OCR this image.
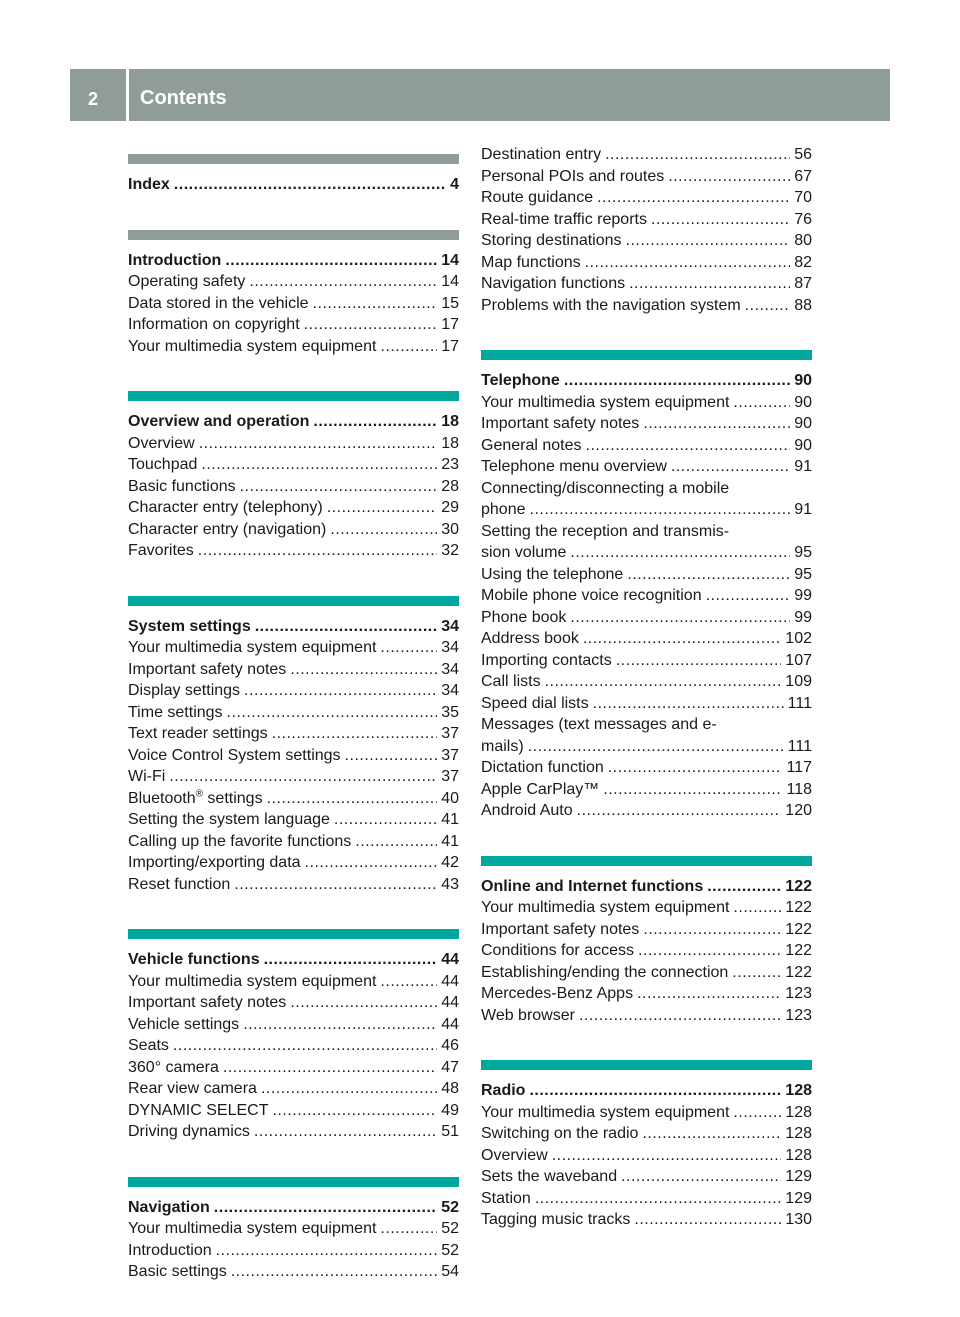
2 Contents
Index .....	4
Introduction .....	14
Operating safety .....	14
Data stored in the vehicle .....	15
Information on copyright .....	17
Your multimedia system equipment .....	17
Overview and operation .....	18
Overview .....	18
Touchpad .....	23
Basic functions .....	28
Character entry (telephony) .....	29
Character entry (navigation) .....	30
Favorites .....	32
System settings .....	34
Your multimedia system equipment .....	34
Important safety notes .....	34
Display settings .....	34
Time settings .....	35
Text reader settings .....	37
Voice Control System settings .....	37
Wi-Fi .....	37
Bluetooth® settings .....	40
Setting the system language .....	41
Calling up the favorite functions .....	41
Importing/exporting data .....	42
Reset function .....	43
Vehicle functions .....	44
Your multimedia system equipment .....	44
Important safety notes .....	44
Vehicle settings .....	44
Seats .....	46
360° camera .....	47
Rear view camera .....	48
DYNAMIC SELECT .....	49
Driving dynamics .....	51
Navigation .....	52
Your multimedia system equipment .....	52
Introduction .....	52
Basic settings .....	54
Destination entry .....	56
Personal POIs and routes .....	67
Route guidance .....	70
Real-time traffic reports .....	76
Storing destinations .....	80
Map functions .....	82
Navigation functions .....	87
Problems with the navigation system .....	88
Telephone .....	90
Your multimedia system equipment .....	90
Important safety notes .....	90
General notes .....	90
Telephone menu overview .....	91
Connecting/disconnecting a mobile
phone .....	91
Setting the reception and transmis-
sion volume .....	95
Using the telephone .....	95
Mobile phone voice recognition .....	99
Phone book .....	99
Address book .....	102
Importing contacts .....	107
Call lists .....	109
Speed dial lists .....	111
Messages (text messages and e-
mails) .....	111
Dictation function .....	117
Apple CarPlay™ .....	118
Android Auto .....	120
Online and Internet functions .....	122
Your multimedia system equipment .....	122
Important safety notes .....	122
Conditions for access .....	122
Establishing/ending the connection .....	122
Mercedes-Benz Apps .....	123
Web browser .....	123
Radio .....	128
Your multimedia system equipment .....	128
Switching on the radio .....	128
Overview .....	128
Sets the waveband .....	129
Station .....	129
Tagging music tracks .....	130
